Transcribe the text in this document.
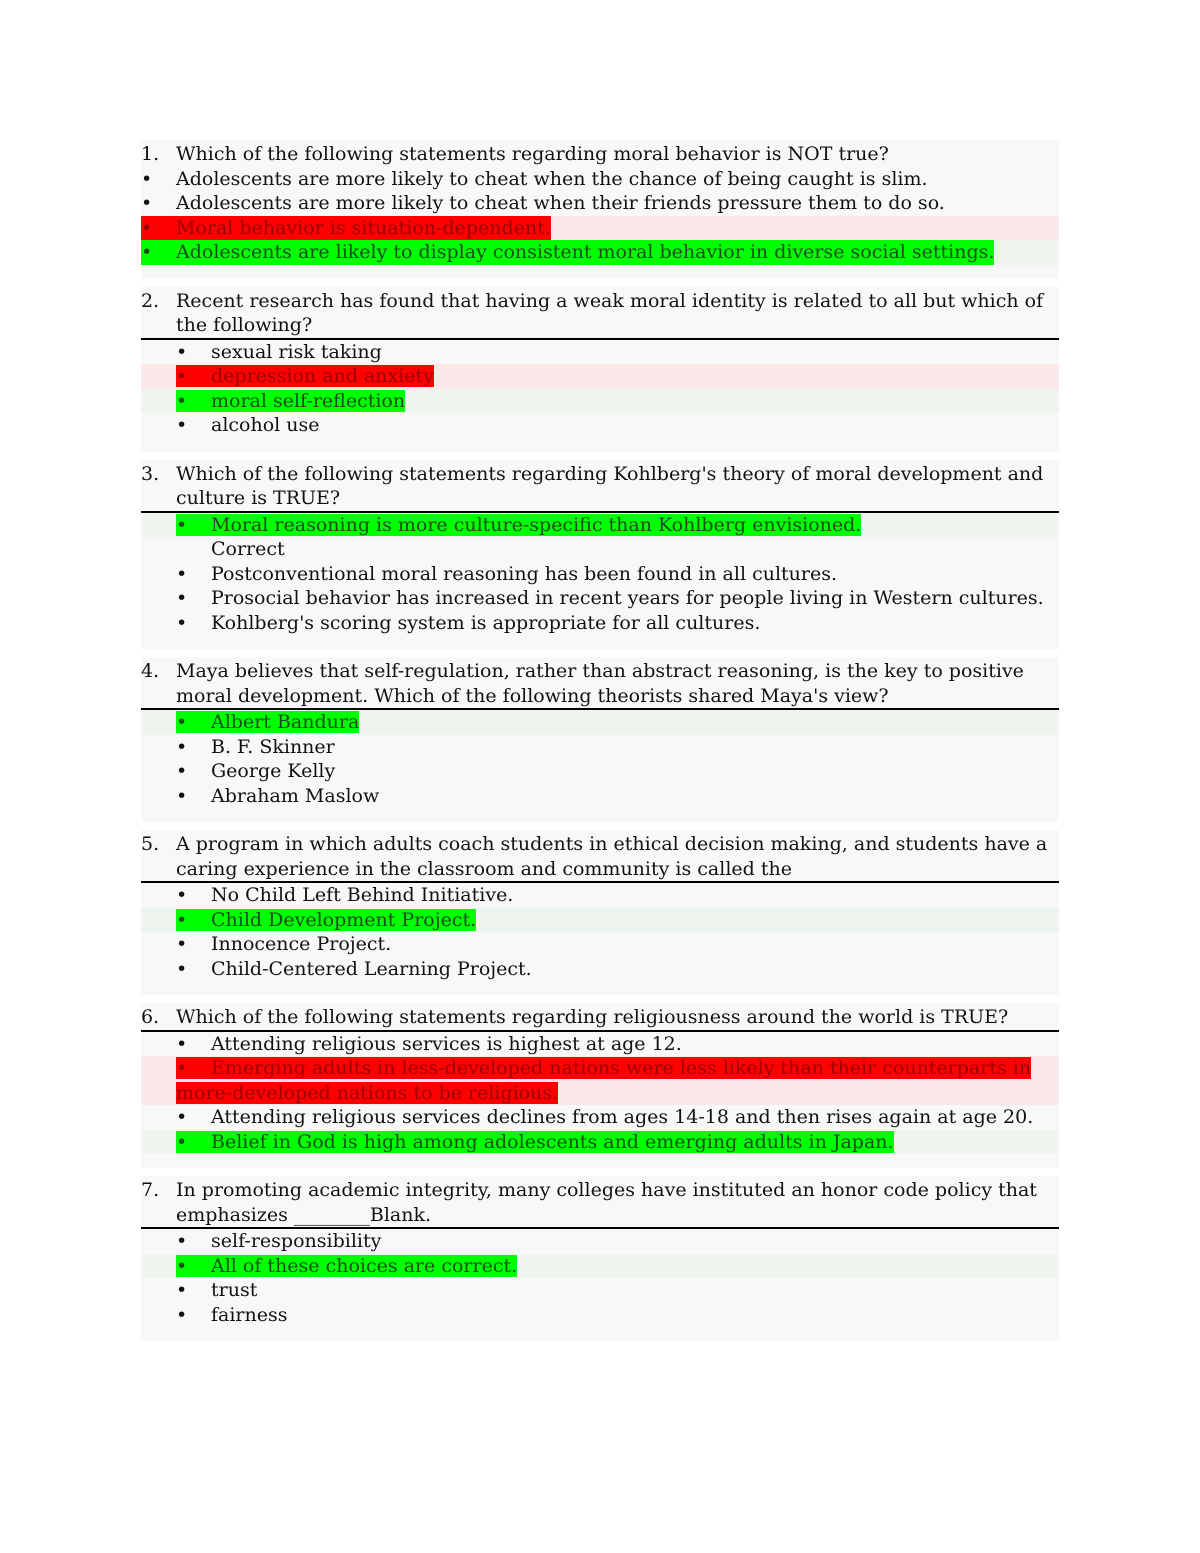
1. Which of the following statements regarding moral behavior is NOT true?
• Adolescents are more likely to cheat when the chance of being caught is slim.
• Adolescents are more likely to cheat when their friends pressure them to do so.
• Moral behavior is situation-dependent.
• Adolescents are likely to display consistent moral behavior in diverse social settings.
2. Recent research has found that having a weak moral identity is related to all but which of the following?
• sexual risk taking
• depression and anxiety
• moral self-reflection
• alcohol use
3. Which of the following statements regarding Kohlberg's theory of moral development and culture is TRUE?
• Moral reasoning is more culture-specific than Kohlberg envisioned.
Correct
• Postconventional moral reasoning has been found in all cultures.
• Prosocial behavior has increased in recent years for people living in Western cultures.
• Kohlberg's scoring system is appropriate for all cultures.
4. Maya believes that self-regulation, rather than abstract reasoning, is the key to positive moral development. Which of the following theorists shared Maya's view?
• Albert Bandura
• B. F. Skinner
• George Kelly
• Abraham Maslow
5. A program in which adults coach students in ethical decision making, and students have a caring experience in the classroom and community is called the
• No Child Left Behind Initiative.
• Child Development Project.
• Innocence Project.
• Child-Centered Learning Project.
6. Which of the following statements regarding religiousness around the world is TRUE?
• Attending religious services is highest at age 12.
• Emerging adults in less-developed nations were less likely than their counterparts in more-developed nations to be religious.
• Attending religious services declines from ages 14-18 and then rises again at age 20.
• Belief in God is high among adolescents and emerging adults in Japan.
7. In promoting academic integrity, many colleges have instituted an honor code policy that emphasizes ________Blank.
• self-responsibility
• All of these choices are correct.
• trust
• fairness
